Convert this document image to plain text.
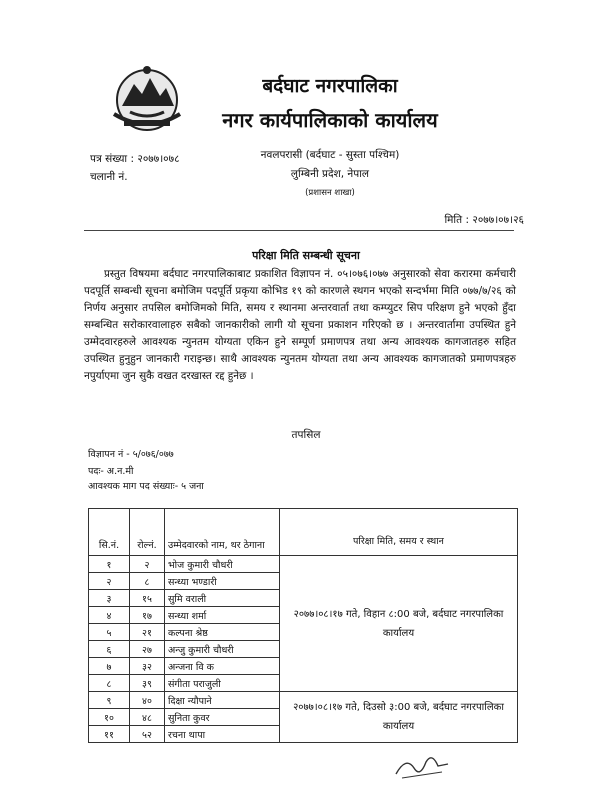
बर्दघाट नगरपालिका
नगर कार्यपालिकाको कार्यालय
नवलपरासी (बर्दघाट - सुस्ता पश्चिम)
लुम्बिनी प्रदेश, नेपाल
(प्रशासन शाखा)
पत्र संख्या : २०७७।०७८
चलानी नं.
मिति : २०७७।०७।२६
परिक्षा मिति सम्बन्धी सूचना
प्रस्तुत विषयमा बर्दघाट नगरपालिकाबाट प्रकाशित विज्ञापन नं. ०५।०७६।०७७ अनुसारको सेवा करारमा कर्मचारी पदपूर्ति सम्बन्धी सूचना बमोजिम पदपूर्ति प्रकृया कोभिड १९ को कारणले स्थगन भएको सन्दर्भमा मिति ०७७/७/२६ को निर्णय अनुसार तपसिल बमोजिमको मिति, समय र स्थानमा अन्तरवार्ता तथा कम्प्युटर सिप परिक्षण हुने भएको हुँदा सम्बन्धित सरोकारवालाहरु सबैको जानकारीको लागी यो सूचना प्रकाशन गरिएको छ । अन्तरवार्तामा उपस्थित हुने उम्मेदवारहरुले आवश्यक न्युनतम योग्यता एकिन हुने सम्पूर्ण प्रमाणपत्र तथा अन्य आवश्यक कागजातहरु सहित उपस्थित हुनुहुन जानकारी गराइन्छ। साथै आवश्यक न्युनतम योग्यता तथा अन्य आवश्यक कागजातको प्रमाणपत्रहरु नपुर्याएमा जुन सुकै वखत दरखास्त रद्द हुनेछ ।
तपसिल
विज्ञापन नं - ५/०७६/०७७
पदः- अ.न.मी
आवश्यक माग पद संख्याः- ५ जना
सि.नं.	रोल्नं.	उम्मेदवारको नाम, थर ठेगाना	परिक्षा मिति, समय र स्थान
१	२	भोज कुमारी चौधरी	२०७७।०८।१७ गते, विहान ८:00 बजे, बर्दघाट नगरपालिका कार्यालय
२	८	सन्ध्या भण्डारी	
३	१५	सुमि वराली	
४	१७	सन्ध्या शर्मा	
५	२१	कल्पना श्रेष्ठ	
६	२७	अन्जु कुमारी चौधरी	
७	३२	अन्जना वि क	
८	३९	संगीता पराजुली	
९	४०	दिक्षा न्यौपाने	२०७७।०८।१७ गते, दिउसो ३:00 बजे, बर्दघाट नगरपालिका कार्यालय
१०	४८	सुनिता कुवर	
११	५२	रचना थापा	
